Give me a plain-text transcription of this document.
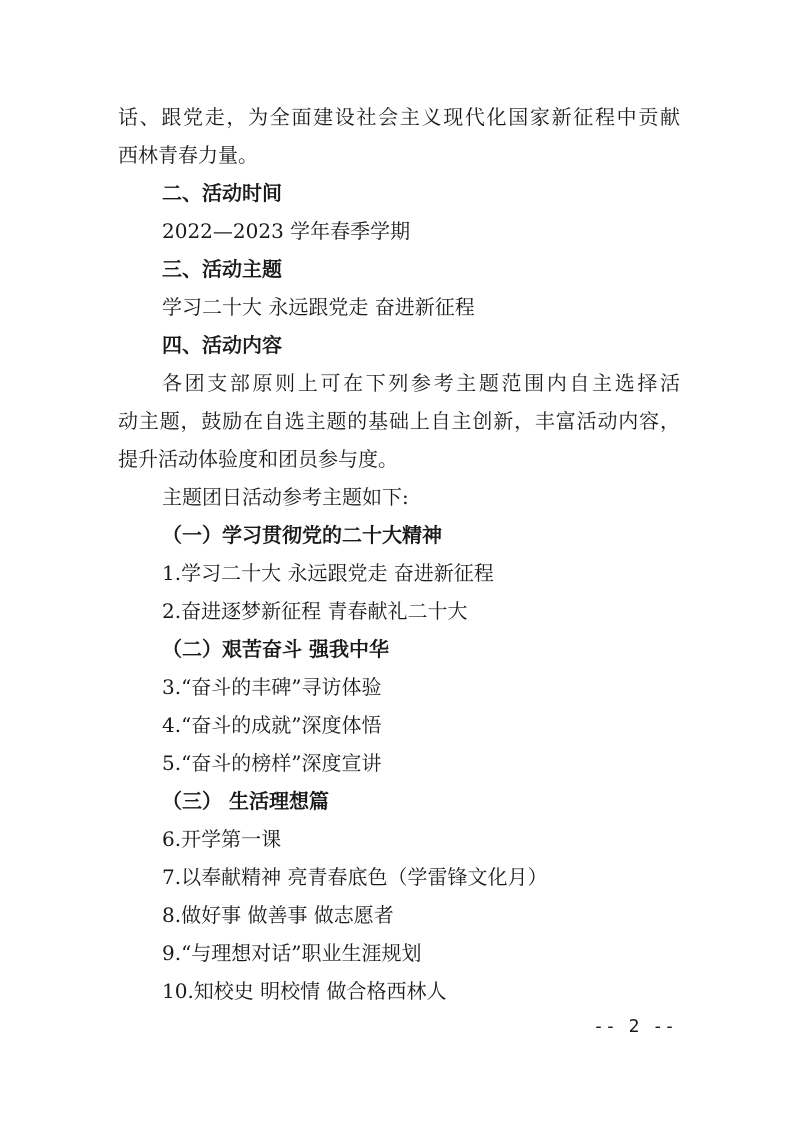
话、跟党走，为全面建设社会主义现代化国家新征程中贡献
西林青春力量。
二、活动时间
2022—2023 学年春季学期
三、活动主题
学习二十大 永远跟党走 奋进新征程
四、活动内容
各团支部原则上可在下列参考主题范围内自主选择活
动主题，鼓励在自选主题的基础上自主创新，丰富活动内容，
提升活动体验度和团员参与度。
主题团日活动参考主题如下:
（一）学习贯彻党的二十大精神
1.学习二十大 永远跟党走 奋进新征程
2.奋进逐梦新征程 青春献礼二十大
（二）艰苦奋斗 强我中华
3.“奋斗的丰碑”寻访体验
4.“奋斗的成就”深度体悟
5.“奋斗的榜样”深度宣讲
（三） 生活理想篇
6.开学第一课
7.以奉献精神 亮青春底色（学雷锋文化月）
8.做好事 做善事 做志愿者
9.“与理想对话”职业生涯规划
10.知校史 明校情 做合格西林人
-- 2 --
